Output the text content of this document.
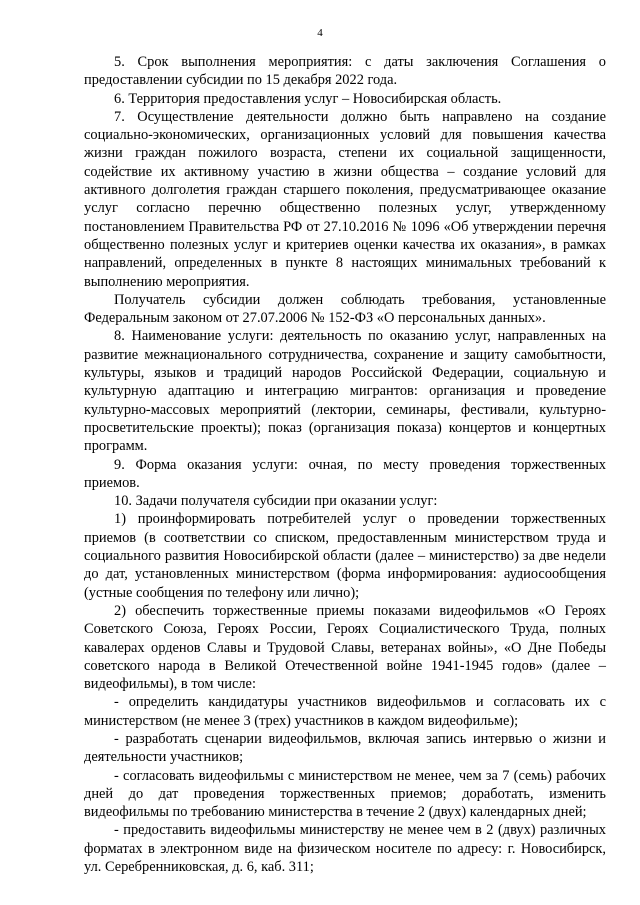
4

5. Срок выполнения мероприятия: с даты заключения Соглашения о предоставлении субсидии по 15 декабря 2022 года.

6. Территория предоставления услуг – Новосибирская область.

7. Осуществление деятельности должно быть направлено на создание социально-экономических, организационных условий для повышения качества жизни граждан пожилого возраста, степени их социальной защищенности, содействие их активному участию в жизни общества – создание условий для активного долголетия граждан старшего поколения, предусматривающее оказание услуг согласно перечню общественно полезных услуг, утвержденному постановлением Правительства РФ от 27.10.2016 № 1096 «Об утверждении перечня общественно полезных услуг и критериев оценки качества их оказания», в рамках направлений, определенных в пункте 8 настоящих минимальных требований к выполнению мероприятия.

Получатель субсидии должен соблюдать требования, установленные Федеральным законом от 27.07.2006 № 152-ФЗ «О персональных данных».

8. Наименование услуги: деятельность по оказанию услуг, направленных на развитие межнационального сотрудничества, сохранение и защиту самобытности, культуры, языков и традиций народов Российской Федерации, социальную и культурную адаптацию и интеграцию мигрантов: организация и проведение культурно-массовых мероприятий (лектории, семинары, фестивали, культурно-просветительские проекты); показ (организация показа) концертов и концертных программ.

9. Форма оказания услуги: очная, по месту проведения торжественных приемов.

10. Задачи получателя субсидии при оказании услуг:

1) проинформировать потребителей услуг о проведении торжественных приемов (в соответствии со списком, предоставленным министерством труда и социального развития Новосибирской области (далее – министерство) за две недели до дат, установленных министерством (форма информирования: аудиосообщения (устные сообщения по телефону или лично);

2) обеспечить торжественные приемы показами видеофильмов «О Героях Советского Союза, Героях России, Героях Социалистического Труда, полных кавалерах орденов Славы и Трудовой Славы, ветеранах войны», «О Дне Победы советского народа в Великой Отечественной войне 1941-1945 годов» (далее – видеофильмы), в том числе:

- определить кандидатуры участников видеофильмов и согласовать их с министерством (не менее 3 (трех) участников в каждом видеофильме);

- разработать сценарии видеофильмов, включая запись интервью о жизни и деятельности участников;

- согласовать видеофильмы с министерством не менее, чем за 7 (семь) рабочих дней до дат проведения торжественных приемов; доработать, изменить видеофильмы по требованию министерства в течение 2 (двух) календарных дней;

- предоставить видеофильмы министерству не менее чем в 2 (двух) различных форматах в электронном виде на физическом носителе по адресу: г. Новосибирск, ул. Серебренниковская, д. 6, каб. 311;
